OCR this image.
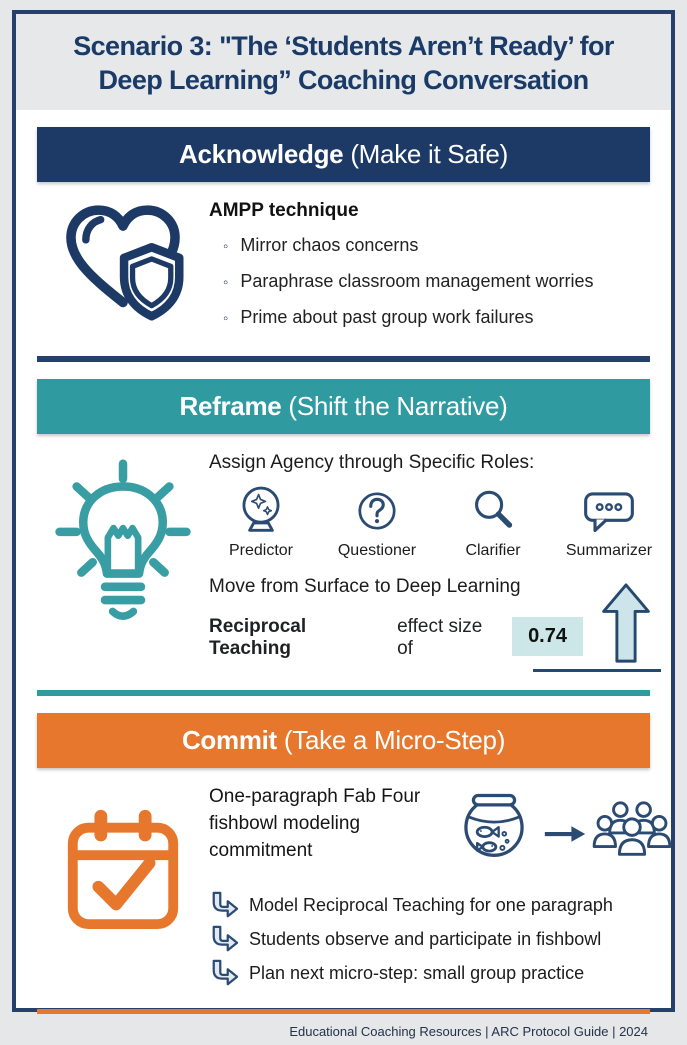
Scenario 3: "The ‘Students Aren’t Ready’ for
Deep Learning” Coaching Conversation
Acknowledge (Make it Safe)
AMPP technique
◦ Mirror chaos concerns
◦ Paraphrase classroom management worries
◦ Prime about past group work failures
Reframe (Shift the Narrative)
Assign Agency through Specific Roles:
Predictor	Questioner	Clarifier	Summarizer
Move from Surface to Deep Learning
Reciprocal Teaching
effect size of
0.74
Commit (Take a Micro-Step)
One-paragraph Fab Four fishbowl modeling commitment
Model Reciprocal Teaching for one paragraph
Students observe and participate in fishbowl
Plan next micro-step: small group practice
Educational Coaching Resources | ARC Protocol Guide | 2024
